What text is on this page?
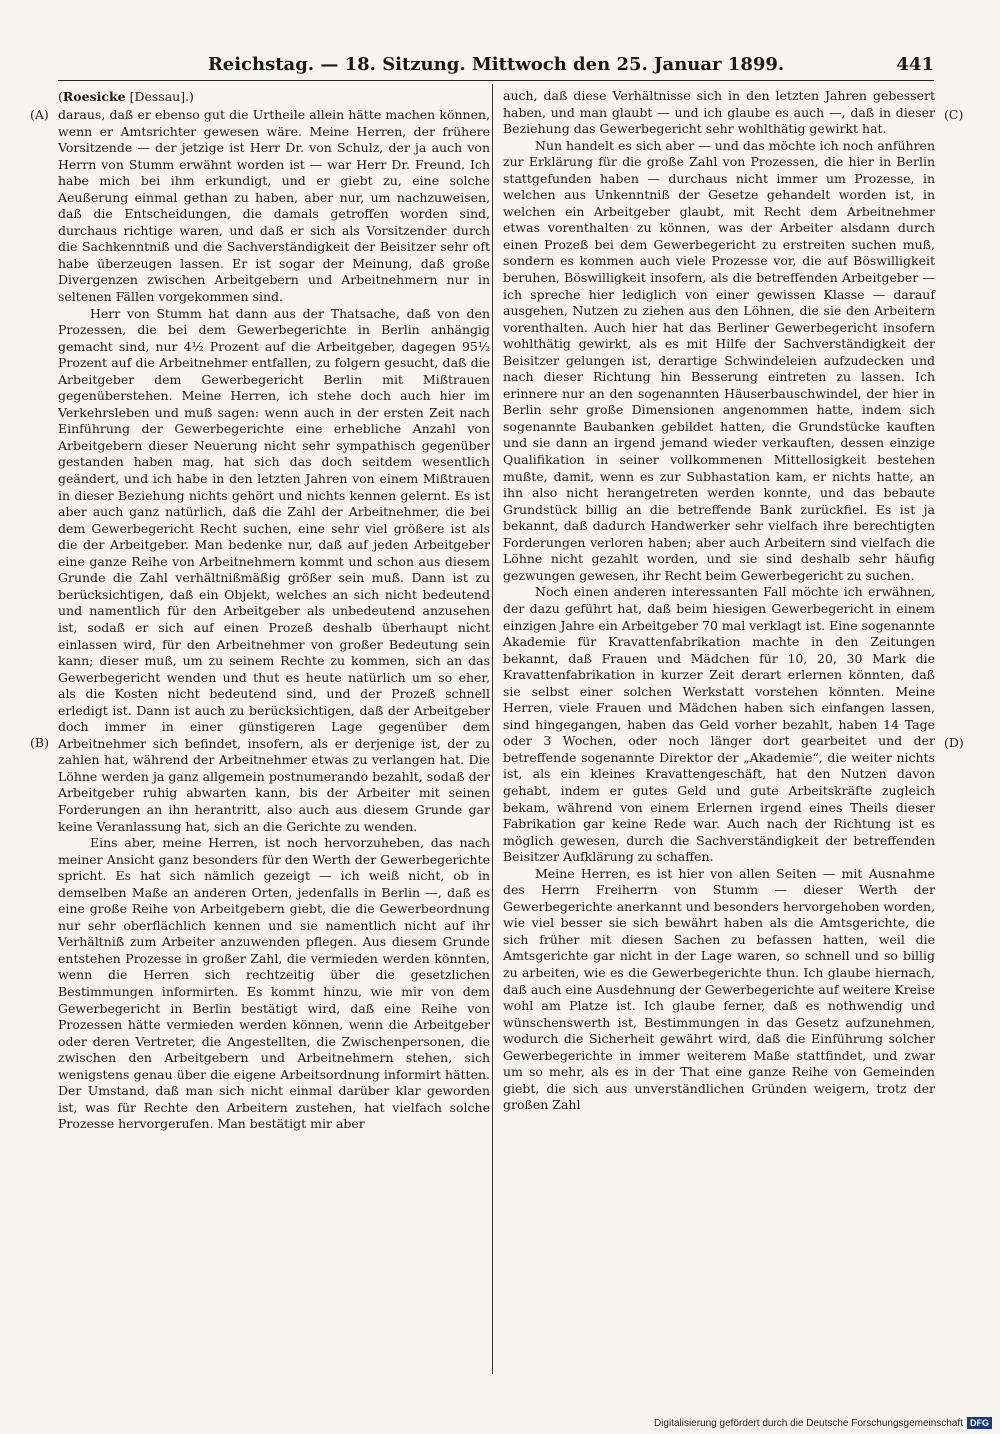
Reichstag. — 18. Sitzung. Mittwoch den 25. Januar 1899.	441
(A)
(B)
(C)
(D)

(Roesicke [Dessau].)

daraus, daß er ebenso gut die Urtheile allein hätte machen können, wenn er Amtsrichter gewesen wäre. Meine Herren, der frühere Vorsitzende — der jetzige ist Herr Dr. von Schulz, der ja auch von Herrn von Stumm erwähnt worden ist — war Herr Dr. Freund. Ich habe mich bei ihm erkundigt, und er giebt zu, eine solche Aeußerung einmal gethan zu haben, aber nur, um nachzuweisen, daß die Entscheidungen, die damals getroffen worden sind, durchaus richtige waren, und daß er sich als Vorsitzender durch die Sachkenntniß und die Sachverständigkeit der Beisitzer sehr oft habe überzeugen lassen. Er ist sogar der Meinung, daß große Divergenzen zwischen Arbeitgebern und Arbeitnehmern nur in seltenen Fällen vorgekommen sind.

Herr von Stumm hat dann aus der Thatsache, daß von den Prozessen, die bei dem Gewerbegerichte in Berlin anhängig gemacht sind, nur 4½ Prozent auf die Arbeitgeber, dagegen 95½ Prozent auf die Arbeitnehmer entfallen, zu folgern gesucht, daß die Arbeitgeber dem Gewerbegericht Berlin mit Mißtrauen gegenüberstehen. Meine Herren, ich stehe doch auch hier im Verkehrsleben und muß sagen: wenn auch in der ersten Zeit nach Einführung der Gewerbegerichte eine erhebliche Anzahl von Arbeitgebern dieser Neuerung nicht sehr sympathisch gegenüber gestanden haben mag, hat sich das doch seitdem wesentlich geändert, und ich habe in den letzten Jahren von einem Mißtrauen in dieser Beziehung nichts gehört und nichts kennen gelernt. Es ist aber auch ganz natürlich, daß die Zahl der Arbeitnehmer, die bei dem Gewerbegericht Recht suchen, eine sehr viel größere ist als die der Arbeitgeber. Man bedenke nur, daß auf jeden Arbeitgeber eine ganze Reihe von Arbeitnehmern kommt und schon aus diesem Grunde die Zahl verhältnißmäßig größer sein muß. Dann ist zu berücksichtigen, daß ein Objekt, welches an sich nicht bedeutend und namentlich für den Arbeitgeber als unbedeutend anzusehen ist, sodaß er sich auf einen Prozeß deshalb überhaupt nicht einlassen wird, für den Arbeitnehmer von großer Bedeutung sein kann; dieser muß, um zu seinem Rechte zu kommen, sich an das Gewerbegericht wenden und thut es heute natürlich um so eher, als die Kosten nicht bedeutend sind, und der Prozeß schnell erledigt ist. Dann ist auch zu berücksichtigen, daß der Arbeitgeber doch immer in einer günstigeren Lage gegenüber dem Arbeitnehmer sich befindet, insofern, als er derjenige ist, der zu zahlen hat, während der Arbeitnehmer etwas zu verlangen hat. Die Löhne werden ja ganz allgemein postnumerando bezahlt, sodaß der Arbeitgeber ruhig abwarten kann, bis der Arbeiter mit seinen Forderungen an ihn herantritt, also auch aus diesem Grunde gar keine Veranlassung hat, sich an die Gerichte zu wenden.

Eins aber, meine Herren, ist noch hervorzuheben, das nach meiner Ansicht ganz besonders für den Werth der Gewerbegerichte spricht. Es hat sich nämlich gezeigt — ich weiß nicht, ob in demselben Maße an anderen Orten, jedenfalls in Berlin —, daß es eine große Reihe von Arbeitgebern giebt, die die Gewerbeordnung nur sehr oberflächlich kennen und sie namentlich nicht auf ihr Verhältniß zum Arbeiter anzuwenden pflegen. Aus diesem Grunde entstehen Prozesse in großer Zahl, die vermieden werden könnten, wenn die Herren sich rechtzeitig über die gesetzlichen Bestimmungen informirten. Es kommt hinzu, wie mir von dem Gewerbegericht in Berlin bestätigt wird, daß eine Reihe von Prozessen hätte vermieden werden können, wenn die Arbeitgeber oder deren Vertreter, die Angestellten, die Zwischenpersonen, die zwischen den Arbeitgebern und Arbeitnehmern stehen, sich wenigstens genau über die eigene Arbeitsordnung informirt hätten. Der Umstand, daß man sich nicht einmal darüber klar geworden ist, was für Rechte den Arbeitern zustehen, hat vielfach solche Prozesse hervorgerufen. Man bestätigt mir aber

auch, daß diese Verhältnisse sich in den letzten Jahren gebessert haben, und man glaubt — und ich glaube es auch —, daß in dieser Beziehung das Gewerbegericht sehr wohlthätig gewirkt hat.

Nun handelt es sich aber — und das möchte ich noch anführen zur Erklärung für die große Zahl von Prozessen, die hier in Berlin stattgefunden haben — durchaus nicht immer um Prozesse, in welchen aus Unkenntniß der Gesetze gehandelt worden ist, in welchen ein Arbeitgeber glaubt, mit Recht dem Arbeitnehmer etwas vorenthalten zu können, was der Arbeiter alsdann durch einen Prozeß bei dem Gewerbegericht zu erstreiten suchen muß, sondern es kommen auch viele Prozesse vor, die auf Böswilligkeit beruhen, Böswilligkeit insofern, als die betreffenden Arbeitgeber — ich spreche hier lediglich von einer gewissen Klasse — darauf ausgehen, Nutzen zu ziehen aus den Löhnen, die sie den Arbeitern vorenthalten. Auch hier hat das Berliner Gewerbegericht insofern wohlthätig gewirkt, als es mit Hilfe der Sachverständigkeit der Beisitzer gelungen ist, derartige Schwindeleien aufzudecken und nach dieser Richtung hin Besserung eintreten zu lassen. Ich erinnere nur an den sogenannten Häuserbauschwindel, der hier in Berlin sehr große Dimensionen angenommen hatte, indem sich sogenannte Baubanken gebildet hatten, die Grundstücke kauften und sie dann an irgend jemand wieder verkauften, dessen einzige Qualifikation in seiner vollkommenen Mittellosigkeit bestehen mußte, damit, wenn es zur Subhastation kam, er nichts hatte, an ihn also nicht herangetreten werden konnte, und das bebaute Grundstück billig an die betreffende Bank zurückfiel. Es ist ja bekannt, daß dadurch Handwerker sehr vielfach ihre berechtigten Forderungen verloren haben; aber auch Arbeitern sind vielfach die Löhne nicht gezahlt worden, und sie sind deshalb sehr häufig gezwungen gewesen, ihr Recht beim Gewerbegericht zu suchen.

Noch einen anderen interessanten Fall möchte ich erwähnen, der dazu geführt hat, daß beim hiesigen Gewerbegericht in einem einzigen Jahre ein Arbeitgeber 70 mal verklagt ist. Eine sogenannte Akademie für Kravattenfabrikation machte in den Zeitungen bekannt, daß Frauen und Mädchen für 10, 20, 30 Mark die Kravattenfabrikation in kurzer Zeit derart erlernen könnten, daß sie selbst einer solchen Werkstatt vorstehen könnten. Meine Herren, viele Frauen und Mädchen haben sich einfangen lassen, sind hingegangen, haben das Geld vorher bezahlt, haben 14 Tage oder 3 Wochen, oder noch länger dort gearbeitet und der betreffende sogenannte Direktor der „Akademie“, die weiter nichts ist, als ein kleines Kravattengeschäft, hat den Nutzen davon gehabt, indem er gutes Geld und gute Arbeitskräfte zugleich bekam, während von einem Erlernen irgend eines Theils dieser Fabrikation gar keine Rede war. Auch nach der Richtung ist es möglich gewesen, durch die Sachverständigkeit der betreffenden Beisitzer Aufklärung zu schaffen.

Meine Herren, es ist hier von allen Seiten — mit Ausnahme des Herrn Freiherrn von Stumm — dieser Werth der Gewerbegerichte anerkannt und besonders hervorgehoben worden, wie viel besser sie sich bewährt haben als die Amtsgerichte, die sich früher mit diesen Sachen zu befassen hatten, weil die Amtsgerichte gar nicht in der Lage waren, so schnell und so billig zu arbeiten, wie es die Gewerbegerichte thun. Ich glaube hiernach, daß auch eine Ausdehnung der Gewerbegerichte auf weitere Kreise wohl am Platze ist. Ich glaube ferner, daß es nothwendig und wünschenswerth ist, Bestimmungen in das Gesetz aufzunehmen, wodurch die Sicherheit gewährt wird, daß die Einführung solcher Gewerbegerichte in immer weiterem Maße stattfindet, und zwar um so mehr, als es in der That eine ganze Reihe von Gemeinden giebt, die sich aus unverständlichen Gründen weigern, trotz der großen Zahl

Digitalisierung gefördert durch die Deutsche Forschungsgemeinschaft DFG
